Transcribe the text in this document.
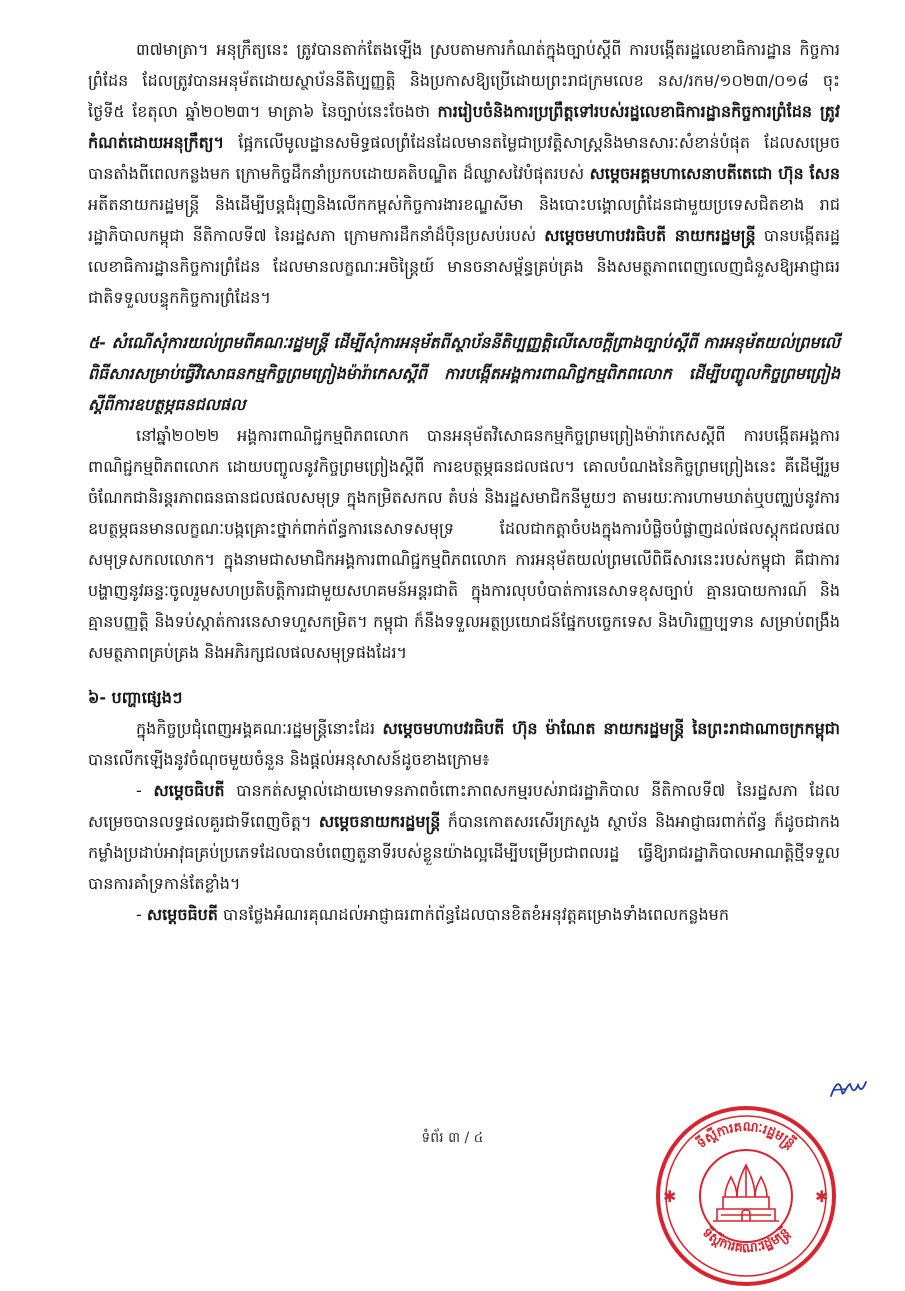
៣៧មាត្រា។ អនុក្រឹត្យនេះ ត្រូវបានតាក់តែងឡើង ស្របតាមការកំណត់ក្នុងច្បាប់ស្ដីពី ការបង្កើតរដ្ឋលេខាធិការដ្ឋាន កិច្ចការព្រំដែន ដែលត្រូវបានអនុម័តដោយស្ថាប័ននីតិប្បញ្ញត្តិ និងប្រកាសឱ្យប្រើដោយព្រះរាជក្រមលេខ នស/រកម/១០២៣/០១៨ ចុះថ្ងៃទី៥ ខែតុលា ឆ្នាំ២០២៣។ មាត្រា៦ នៃច្បាប់នេះចែងថា ការរៀបចំនិងការប្រព្រឹត្តទៅរបស់រដ្ឋលេខាធិការដ្ឋានកិច្ចការព្រំដែន ត្រូវកំណត់ដោយអនុក្រឹត្យ។ ផ្អែកលើមូលដ្ឋានសមិទ្ធផលព្រំដែនដែលមានតម្លៃជាប្រវត្តិសាស្ត្រនិងមានសារៈសំខាន់បំផុត ដែលសម្រេចបានតាំងពីពេលកន្លងមក ក្រោមកិច្ចដឹកនាំប្រកបដោយគតិបណ្ឌិត ដ៏ឈ្លាសវៃបំផុតរបស់ សម្ដេចអគ្គមហាសេនាបតីតេជោ ហ៊ុន សែន អតីតនាយករដ្ឋមន្ត្រី និងដើម្បីបន្តជំរុញនិងលើកកម្ពស់កិច្ចការងារខណ្ឌសីមា និងបោះបង្គោលព្រំដែនជាមួយប្រទេសជិតខាង រាជរដ្ឋាភិបាលកម្ពុជា នីតិកាលទី៧ នៃរដ្ឋសភា ក្រោមការដឹកនាំដ៏ប៉ិនប្រសប់របស់ សម្ដេចមហាបវរធិបតី នាយករដ្ឋមន្ត្រី បានបង្កើតរដ្ឋលេខាធិការដ្ឋានកិច្ចការព្រំដែន ដែលមានលក្ខណៈអចិន្ត្រៃយ៍ មានចនាសម្ព័ន្ធគ្រប់គ្រង និងសមត្ថភាពពេញលេញជំនួសឱ្យអាជ្ញាធរជាតិទទួលបន្ទុកកិច្ចការព្រំដែន។

៥- សំណើសុំការយល់ព្រមពីគណៈរដ្ឋមន្ត្រី ដើម្បីសុំការអនុម័តពីស្ថាប័ននីតិប្បញ្ញត្តិលើសេចក្ដីព្រាងច្បាប់ស្ដីពី ការអនុម័តយល់ព្រមលើពិធីសារសម្រាប់ធ្វើវិសោធនកម្មកិច្ចព្រមព្រៀងម៉ារ៉ាកេសស្ដីពី ការបង្កើតអង្គការពាណិជ្ជកម្មពិភពលោក ដើម្បីបញ្ចូលកិច្ចព្រមព្រៀងស្ដីពីការឧបត្ថម្ភធនជលផល

នៅឆ្នាំ២០២២ អង្គការពាណិជ្ជកម្មពិភពលោក បានអនុម័តវិសោធនកម្មកិច្ចព្រមព្រៀងម៉ារ៉ាកេសស្ដីពី ការបង្កើតអង្គការពាណិជ្ជកម្មពិភពលោក ដោយបញ្ចូលនូវកិច្ចព្រមព្រៀងស្ដីពី ការឧបត្ថម្ភធនជលផល។ គោលបំណងនៃកិច្ចព្រមព្រៀងនេះ គឺដើម្បីរួមចំណែកជានិរន្តរភាពធនធានជលផលសមុទ្រ ក្នុងកម្រិតសកល តំបន់ និងរដ្ឋសមាជិកនីមួយៗ តាមរយៈការហាមឃាត់ឬបញ្ឈប់នូវការឧបត្ថម្ភធនមានលក្ខណៈបង្កគ្រោះថ្នាក់ពាក់ព័ន្ធការនេសាទសមុទ្រ ដែលជាកត្តាចំបងក្នុងការបំផ្លិចបំផ្លាញដល់ផលស្តុកជលផលសមុទ្រសកលលោក។ ក្នុងនាមជាសមាជិកអង្គការពាណិជ្ជកម្មពិភពលោក ការអនុម័តយល់ព្រមលើពិធីសារនេះរបស់កម្ពុជា គឺជាការបង្ហាញនូវឆន្ទៈចូលរួមសហប្រតិបត្តិការជាមួយសហគមន៍អន្តរជាតិ ក្នុងការលុបបំបាត់ការនេសាទខុសច្បាប់ គ្មានរបាយការណ៍ និងគ្មានបញ្ញត្តិ និងទប់ស្កាត់ការនេសាទហួសកម្រិត។ កម្ពុជា ក៏នឹងទទួលអត្ថប្រយោជន៍ផ្នែកបច្ចេកទេស និងហិរញ្ញប្បទាន សម្រាប់ពង្រឹងសមត្ថភាពគ្រប់គ្រង និងអភិរក្សជលផលសមុទ្រផងដែរ។

៦- បញ្ហាផ្សេងៗ

ក្នុងកិច្ចប្រជុំពេញអង្គគណៈរដ្ឋមន្ត្រីនោះដែរ សម្ដេចមហាបវរធិបតី ហ៊ុន ម៉ាណែត នាយករដ្ឋមន្ត្រី នៃព្រះរាជាណាចក្រកម្ពុជា បានលើកឡើងនូវចំណុចមួយចំនួន និងផ្ដល់អនុសាសន៍ដូចខាងក្រោម៖

- សម្ដេចធិបតី បានកត់សម្គាល់ដោយមោទនភាពចំពោះភាពសកម្មរបស់រាជរដ្ឋាភិបាល នីតិកាលទី៧ នៃរដ្ឋសភា ដែលសម្រេចបានលទ្ធផលគួរជាទីពេញចិត្ត។ សម្ដេចនាយករដ្ឋមន្ត្រី ក៏បានកោតសរសើរក្រសួង ស្ថាប័ន និងអាជ្ញាធរពាក់ព័ន្ធ ក៏ដូចជាកងកម្លាំងប្រដាប់អាវុធគ្រប់ប្រភេទដែលបានបំពេញតួនាទីរបស់ខ្លួនយ៉ាងល្អដើម្បីបម្រើប្រជាពលរដ្ឋ ធ្វើឱ្យរាជរដ្ឋាភិបាលអាណត្តិថ្មីទទួលបានការគាំទ្រកាន់តែខ្លាំង។

- សម្ដេចធិបតី បានថ្លែងអំណរគុណដល់អាជ្ញាធរពាក់ព័ន្ធដែលបានខិតខំអនុវត្តគម្រោងទាំងពេលកន្លងមក

ទីស្តីការគណៈរដ្ឋមន្ត្រី
ទីស្តីការគណៈរដ្ឋមន្ត្រី
✱	✱
ទំព័រ ៣ / ៤
